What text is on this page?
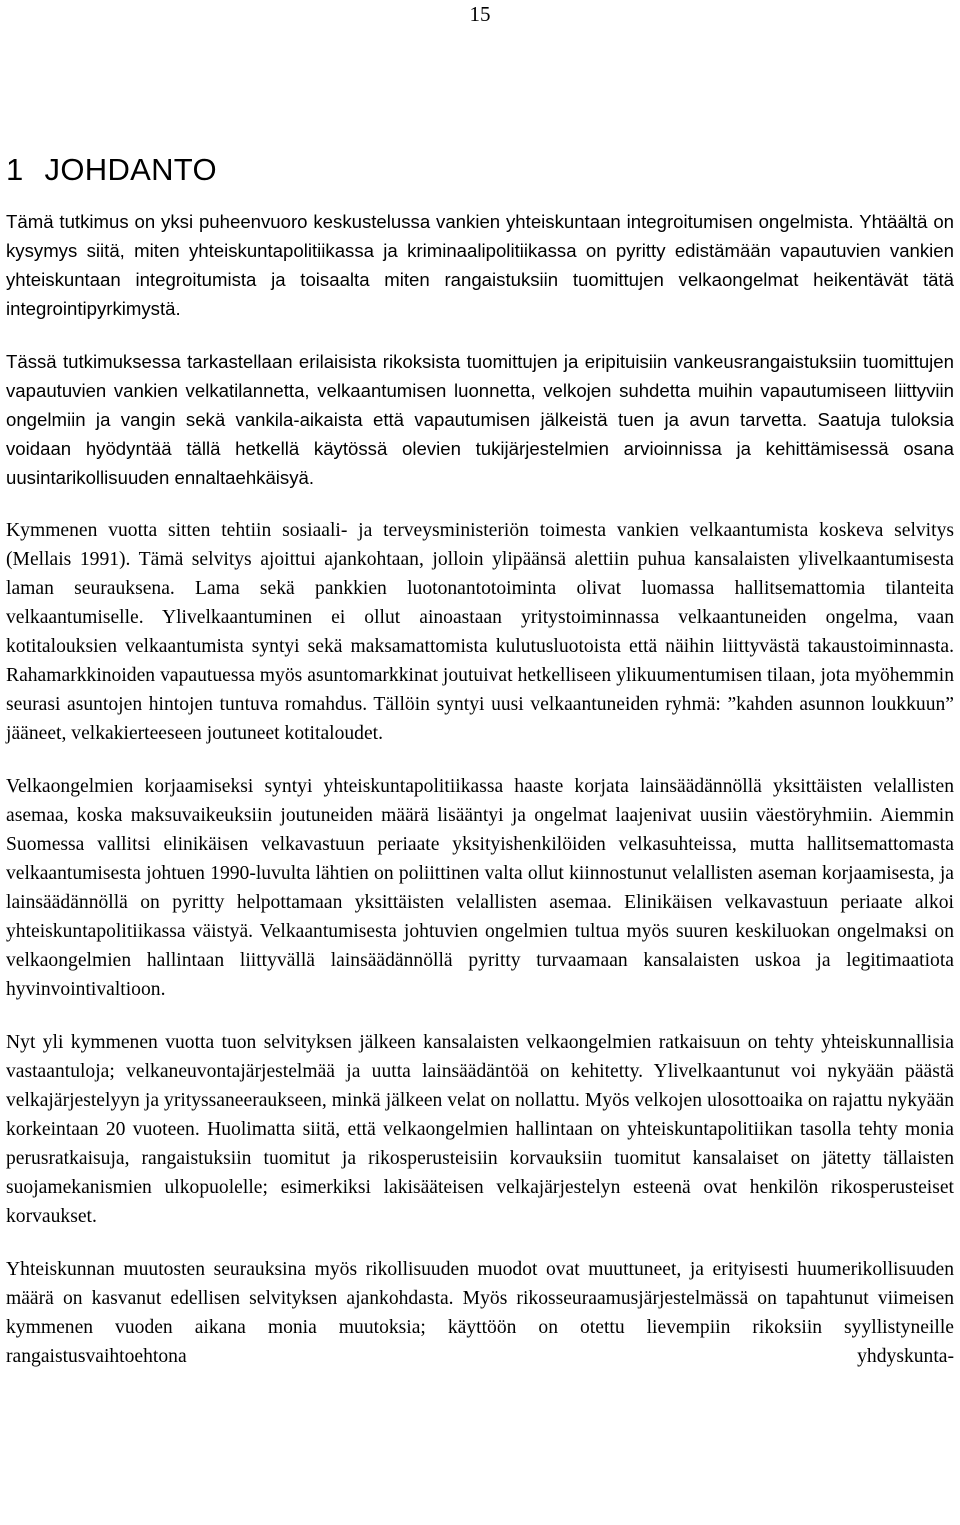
15
1 JOHDANTO

Tämä tutkimus on yksi puheenvuoro keskustelussa vankien yhteiskuntaan integroitumisen ongelmista. Yhtäältä on kysymys siitä, miten yhteiskuntapolitiikassa ja kriminaalipolitiikassa on pyritty edistämään vapautuvien vankien yhteiskuntaan integroitumista ja toisaalta miten rangaistuksiin tuomittujen velkaongelmat heikentävät tätä integrointipyrkimystä.

Tässä tutkimuksessa tarkastellaan erilaisista rikoksista tuomittujen ja eripituisiin vankeusrangaistuksiin tuomittujen vapautuvien vankien velkatilannetta, velkaantumisen luonnetta, velkojen suhdetta muihin vapautumiseen liittyviin ongelmiin ja vangin sekä vankila-aikaista että vapautumisen jälkeistä tuen ja avun tarvetta. Saatuja tuloksia voidaan hyödyntää tällä hetkellä käytössä olevien tukijärjestelmien arvioinnissa ja kehittämisessä osana uusintarikollisuuden ennaltaehkäisyä.

Kymmenen vuotta sitten tehtiin sosiaali- ja terveysministeriön toimesta vankien velkaantumista koskeva selvitys (Mellais 1991). Tämä selvitys ajoittui ajankohtaan, jolloin ylipäänsä alettiin puhua kansalaisten ylivelkaantumisesta laman seurauksena. Lama sekä pankkien luotonantotoiminta olivat luomassa hallitsemattomia tilanteita velkaantumiselle. Ylivelkaantuminen ei ollut ainoastaan yritystoiminnassa velkaantuneiden ongelma, vaan kotitalouksien velkaantumista syntyi sekä maksamattomista kulutusluotoista että näihin liittyvästä takaustoiminnasta. Rahamarkkinoiden vapautuessa myös asuntomarkkinat joutuivat hetkelliseen ylikuumentumisen tilaan, jota myöhemmin seurasi asuntojen hintojen tuntuva romahdus. Tällöin syntyi uusi velkaantuneiden ryhmä: ”kahden asunnon loukkuun” jääneet, velkakierteeseen joutuneet kotitaloudet.

Velkaongelmien korjaamiseksi syntyi yhteiskuntapolitiikassa haaste korjata lainsäädännöllä yksittäisten velallisten asemaa, koska maksuvaikeuksiin joutuneiden määrä lisääntyi ja ongelmat laajenivat uusiin väestöryhmiin. Aiemmin Suomessa vallitsi elinikäisen velkavastuun periaate yksityishenkilöiden velkasuhteissa, mutta hallitsemattomasta velkaantumisesta johtuen 1990-luvulta lähtien on poliittinen valta ollut kiinnostunut velallisten aseman korjaamisesta, ja lainsäädännöllä on pyritty helpottamaan yksittäisten velallisten asemaa. Elinikäisen velkavastuun periaate alkoi yhteiskuntapolitiikassa väistyä. Velkaantumisesta johtuvien ongelmien tultua myös suuren keskiluokan ongelmaksi on velkaongelmien hallintaan liittyvällä lainsäädännöllä pyritty turvaamaan kansalaisten uskoa ja legitimaatiota hyvinvointivaltioon.

Nyt yli kymmenen vuotta tuon selvityksen jälkeen kansalaisten velkaongelmien ratkaisuun on tehty yhteiskunnallisia vastaantuloja; velkaneuvontajärjestelmää ja uutta lainsäädäntöä on kehitetty. Ylivelkaantunut voi nykyään päästä velkajärjestelyyn ja yrityssaneeraukseen, minkä jälkeen velat on nollattu. Myös velkojen ulosottoaika on rajattu nykyään korkeintaan 20 vuoteen. Huolimatta siitä, että velkaongelmien hallintaan on yhteiskuntapolitiikan tasolla tehty monia perusratkaisuja, rangaistuksiin tuomitut ja rikosperusteisiin korvauksiin tuomitut kansalaiset on jätetty tällaisten suojamekanismien ulkopuolelle; esimerkiksi lakisääteisen velkajärjestelyn esteenä ovat henkilön rikosperusteiset korvaukset.

Yhteiskunnan muutosten seurauksina myös rikollisuuden muodot ovat muuttuneet, ja erityisesti huumerikollisuuden määrä on kasvanut edellisen selvityksen ajankohdasta. Myös rikosseuraamusjärjestelmässä on tapahtunut viimeisen kymmenen vuoden aikana monia muutoksia; käyttöön on otettu lievempiin rikoksiin syyllistyneille rangaistusvaihtoehtona yhdyskunta-
